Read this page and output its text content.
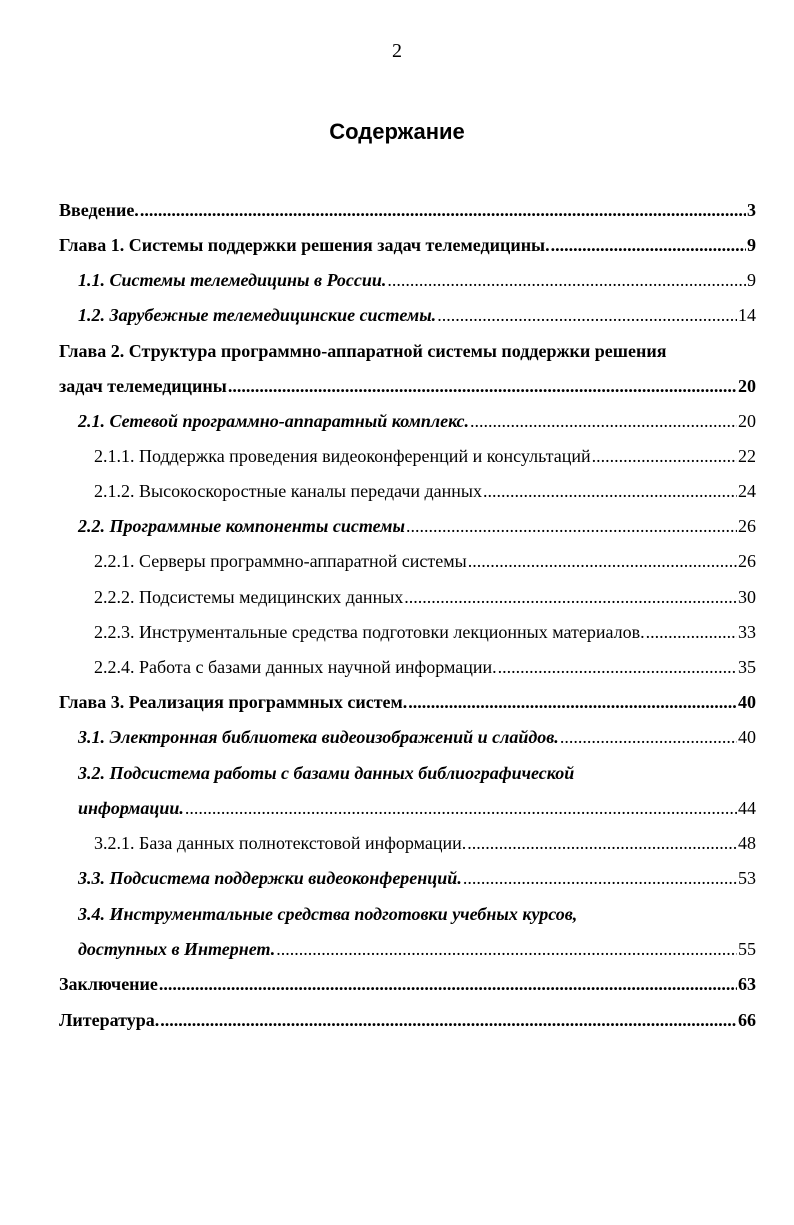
2
Содержание
Введение. .....	3
Глава 1. Системы поддержки решения задач телемедицины. .....	9
1.1. Системы телемедицины в России. .....	9
1.2. Зарубежные телемедицинские системы. .....	14
Глава 2. Структура программно-аппаратной системы поддержки решения
задач телемедицины .....	20
2.1. Сетевой программно-аппаратный комплекс. .....	20
2.1.1. Поддержка проведения видеоконференций и консультаций .....	22
2.1.2. Высокоскоростные каналы передачи данных .....	24
2.2. Программные компоненты системы .....	26
2.2.1. Серверы программно-аппаратной системы .....	26
2.2.2. Подсистемы медицинских данных .....	30
2.2.3. Инструментальные средства подготовки лекционных материалов. .....	33
2.2.4. Работа с базами данных научной информации. .....	35
Глава 3. Реализация программных систем. .....	40
3.1. Электронная библиотека видеоизображений и слайдов. .....	40
3.2. Подсистема работы с базами данных библиографической
информации. .....	44
3.2.1. База данных полнотекстовой информации. .....	48
3.3. Подсистема поддержки видеоконференций. .....	53
3.4. Инструментальные средства подготовки учебных курсов,
доступных в Интернет. .....	55
Заключение .....	63
Литература. .....	66
